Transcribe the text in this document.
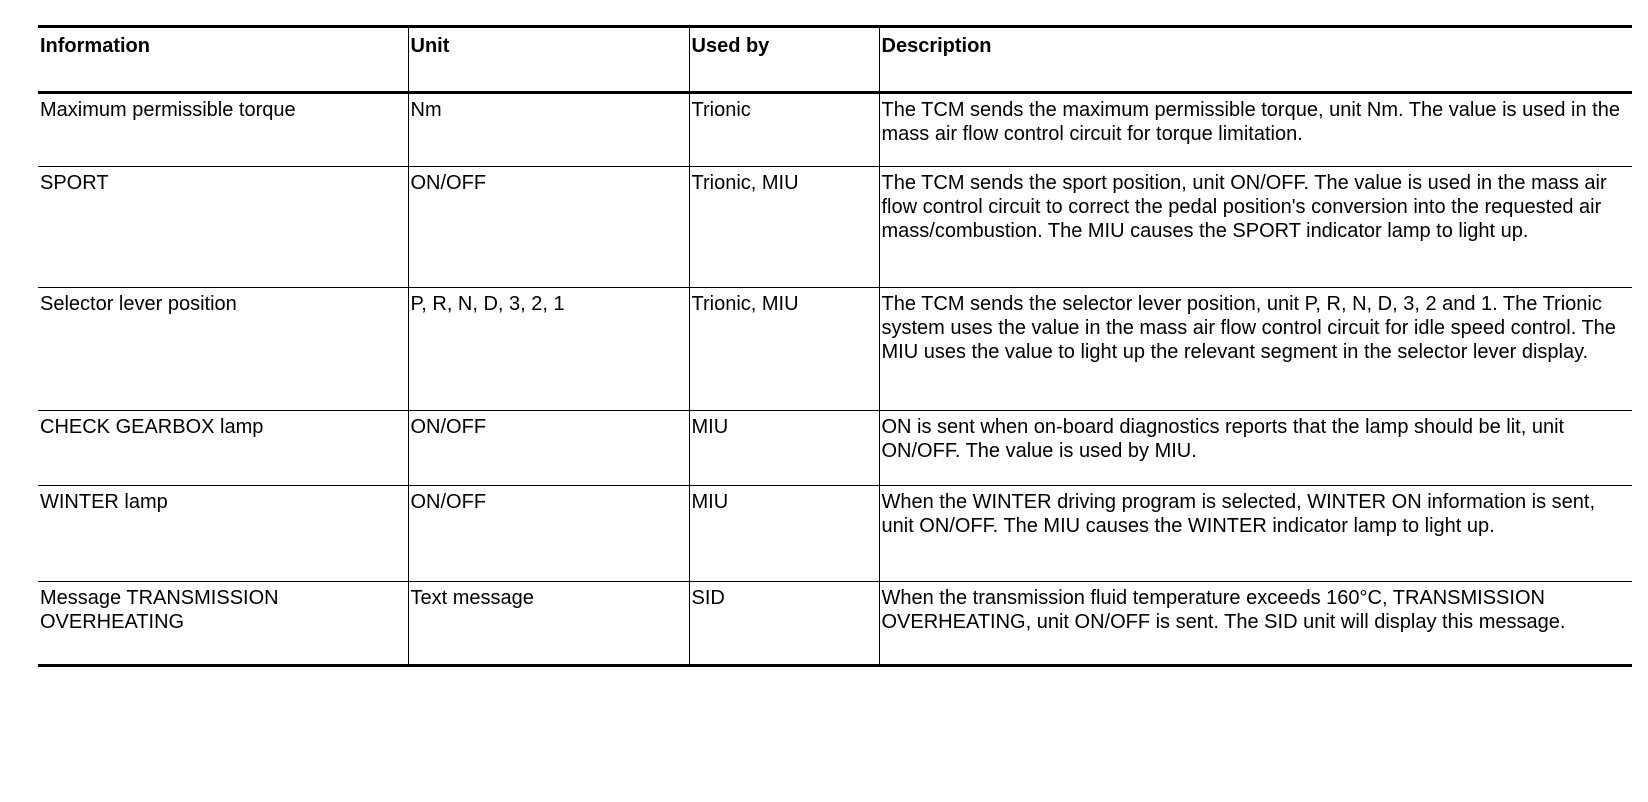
Information	Unit	Used by	Description
Maximum permissible torque	Nm	Trionic	The TCM sends the maximum permissible torque, unit Nm. The value is used in the mass air flow control circuit for torque limitation.
SPORT	ON/OFF	Trionic, MIU	The TCM sends the sport position, unit ON/OFF. The value is used in the mass air flow control circuit to correct the pedal position's conversion into the requested air mass/combustion. The MIU causes the SPORT indicator lamp to light up.
Selector lever position	P, R, N, D, 3, 2, 1	Trionic, MIU	The TCM sends the selector lever position, unit P, R, N, D, 3, 2 and 1. The Trionic system uses the value in the mass air flow control circuit for idle speed control. The MIU uses the value to light up the relevant segment in the selector lever display.
CHECK GEARBOX lamp	ON/OFF	MIU	ON is sent when on-board diagnostics reports that the lamp should be lit, unit ON/OFF. The value is used by MIU.
WINTER lamp	ON/OFF	MIU	When the WINTER driving program is selected, WINTER ON information is sent, unit ON/OFF. The MIU causes the WINTER indicator lamp to light up.
Message TRANSMISSION OVERHEATING	Text message	SID	When the transmission fluid temperature exceeds 160°C, TRANSMISSION OVERHEATING, unit ON/OFF is sent. The SID unit will display this message.
